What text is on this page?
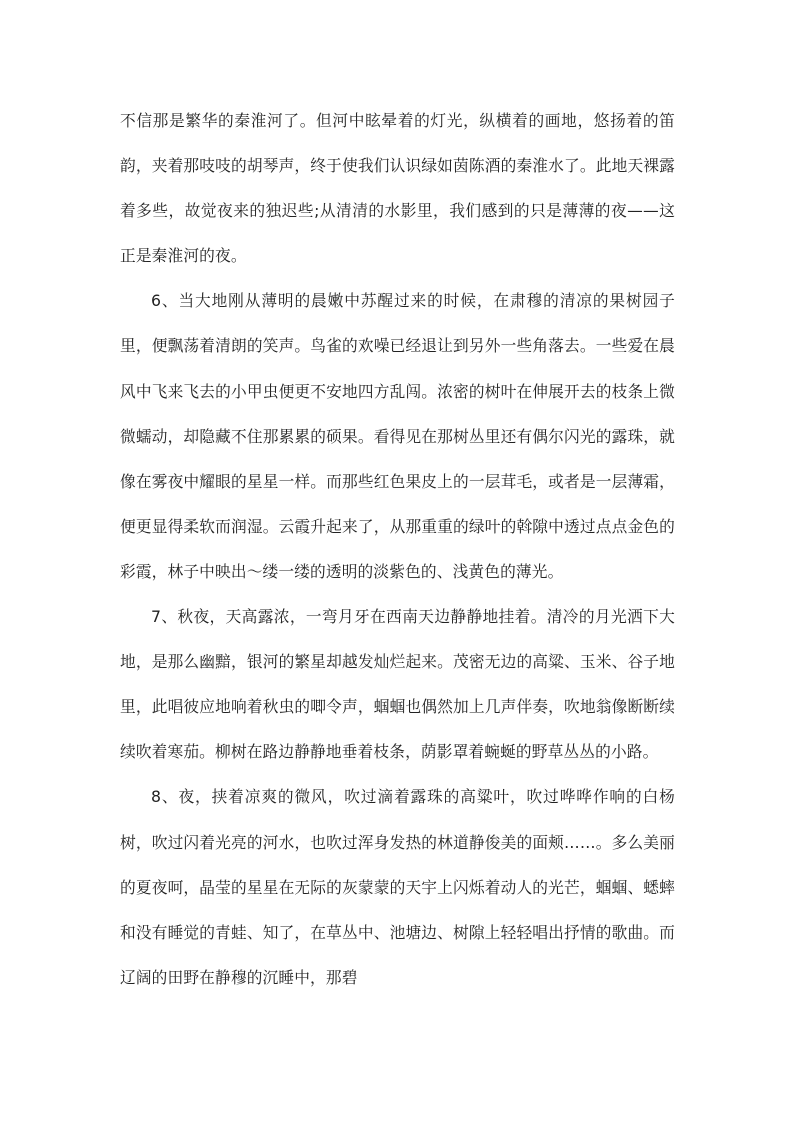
不信那是繁华的秦淮河了。但河中眩晕着的灯光，纵横着的画地，悠扬着的笛韵，夹着那吱吱的胡琴声，终于使我们认识绿如茵陈酒的秦淮水了。此地天裸露着多些，故觉夜来的独迟些;从清清的水影里，我们感到的只是薄薄的夜——这正是秦淮河的夜。

6、当大地刚从薄明的晨嫩中苏醒过来的时候，在肃穆的清凉的果树园子里，便飘荡着清朗的笑声。鸟雀的欢噪已经退让到另外一些角落去。一些爱在晨风中飞来飞去的小甲虫便更不安地四方乱闯。浓密的树叶在伸展开去的枝条上微微蠕动，却隐藏不住那累累的硕果。看得见在那树丛里还有偶尔闪光的露珠，就像在雾夜中耀眼的星星一样。而那些红色果皮上的一层茸毛，或者是一层薄霜，便更显得柔软而润湿。云霞升起来了，从那重重的绿叶的斡隙中透过点点金色的彩霞，林子中映出～缕一缕的透明的淡紫色的、浅黄色的薄光。

7、秋夜，天高露浓，一弯月牙在西南天边静静地挂着。清冷的月光洒下大地，是那么幽黯，银河的繁星却越发灿烂起来。茂密无边的高粱、玉米、谷子地里，此唱彼应地响着秋虫的唧令声，蝈蝈也偶然加上几声伴奏，吹地翁像断断续续吹着寒茄。柳树在路边静静地垂着枝条，荫影罩着蜿蜒的野草丛丛的小路。

8、夜，挟着凉爽的微风，吹过滴着露珠的高粱叶，吹过哗哗作响的白杨树，吹过闪着光亮的河水，也吹过浑身发热的林道静俊美的面颊……。多么美丽的夏夜呵，晶莹的星星在无际的灰蒙蒙的天宇上闪烁着动人的光芒，蝈蝈、蟋蟀和没有睡觉的青蛙、知了，在草丛中、池塘边、树隙上轻轻唱出抒情的歌曲。而辽阔的田野在静穆的沉睡中，那碧
